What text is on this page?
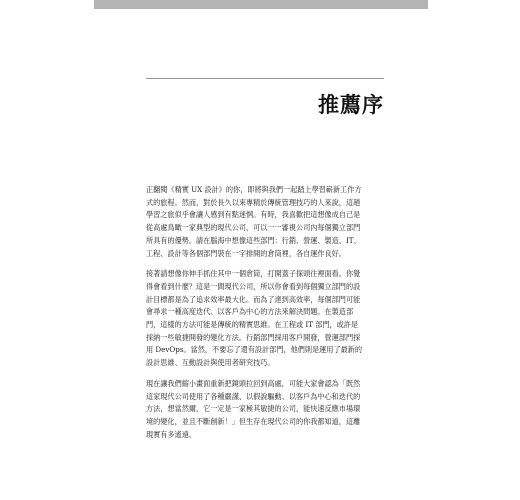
推薦序

正翻閱《精實 UX 設計》的你，即將與我們一起踏上學習嶄新工作方
式的旅程。然而，對於長久以來專精於傳統管理技巧的人來說，這趟
學習之旅似乎會讓人感到有點迷惘。有時，我喜歡把這想像成自己是
從高處鳥瞰一家典型的現代公司，可以一一審視公司內每個獨立部門
所具有的優勢。請在腦海中想像這些部門：行銷、營運、製造、IT、
工程、設計等各個部門裝在一字排開的倉筒裡，各自運作良好。

接著請想像你伸手抓住其中一個倉筒，打開蓋子探頭往裡面看。你覺
得會看到什麼？這是一間現代公司，所以你會看到每個獨立部門的設
計目標都是為了追求效率最大化。而為了達到高效率，每個部門可能
會尋求一種高度迭代、以客戶為中心的方法來解決問題。在製造部
門，這樣的方法可能是傳統的精實思維。在工程或 IT 部門，或許是
採納一些敏捷開發的變化方法。行銷部門採用客戶開發，營運部門採
用 DevOps。當然，不要忘了還有設計部門，他們則是運用了最新的
設計思維、互動設計與使用者研究技巧。

現在讓我們縮小畫面重新把鏡頭拉回到高處，可能大家會認為「既然
這家現代公司使用了各種嚴謹、以假說驅動、以客戶為中心和迭代的
方法，想當然爾，它一定是一家極其敏捷的公司，能快速反應市場環
境的變化，並且不斷創新！」但生存在現代公司的你我都知道，這離
現實有多遙遠。
